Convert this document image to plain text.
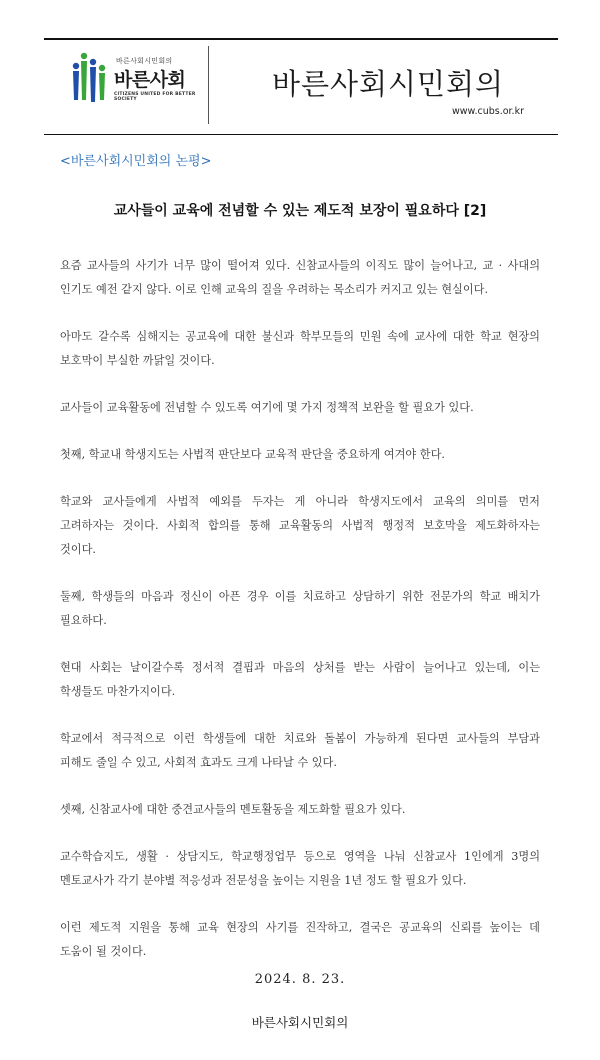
바른사회시민회의
바른사회
CITIZENS UNITED FOR BETTER SOCIETY	바른사회시민회의
www.cubs.or.kr
<바른사회시민회의 논평>
교사들이 교육에 전념할 수 있는 제도적 보장이 필요하다 [2]
요즘 교사들의 사기가 너무 많이 떨어져 있다. 신참교사들의 이직도 많이 늘어나고, 교 · 사대의
인기도 예전 같지 않다. 이로 인해 교육의 질을 우려하는 목소리가 커지고 있는 현실이다.
아마도 갈수록 심해지는 공교육에 대한 불신과 학부모들의 민원 속에 교사에 대한 학교 현장의
보호막이 부실한 까닭일 것이다.
교사들이 교육활동에 전념할 수 있도록 여기에 몇 가지 정책적 보완을 할 필요가 있다.
첫째, 학교내 학생지도는 사법적 판단보다 교육적 판단을 중요하게 여겨야 한다.
학교와 교사들에게 사법적 예외를 두자는 게 아니라 학생지도에서 교육의 의미를 먼저
고려하자는 것이다. 사회적 합의를 통해 교육활동의 사법적 행정적 보호막을 제도화하자는
것이다.
둘째, 학생들의 마음과 정신이 아픈 경우 이를 치료하고 상담하기 위한 전문가의 학교 배치가
필요하다.
현대 사회는 날이갈수록 정서적 결핍과 마음의 상처를 받는 사람이 늘어나고 있는데, 이는
학생들도 마찬가지이다.
학교에서 적극적으로 이런 학생들에 대한 치료와 돌봄이 가능하게 된다면 교사들의 부담과
피해도 줄일 수 있고, 사회적 효과도 크게 나타날 수 있다.
셋째, 신참교사에 대한 중견교사들의 멘토활동을 제도화할 필요가 있다.
교수학습지도, 생활 · 상담지도, 학교행정업무 등으로 영역을 나눠 신참교사 1인에게 3명의
멘토교사가 각기 분야별 적응성과 전문성을 높이는 지원을 1년 정도 할 필요가 있다.
이런 제도적 지원을 통해 교육 현장의 사기를 진작하고, 결국은 공교육의 신뢰를 높이는 데
도움이 될 것이다.
2024. 8. 23.
바른사회시민회의
